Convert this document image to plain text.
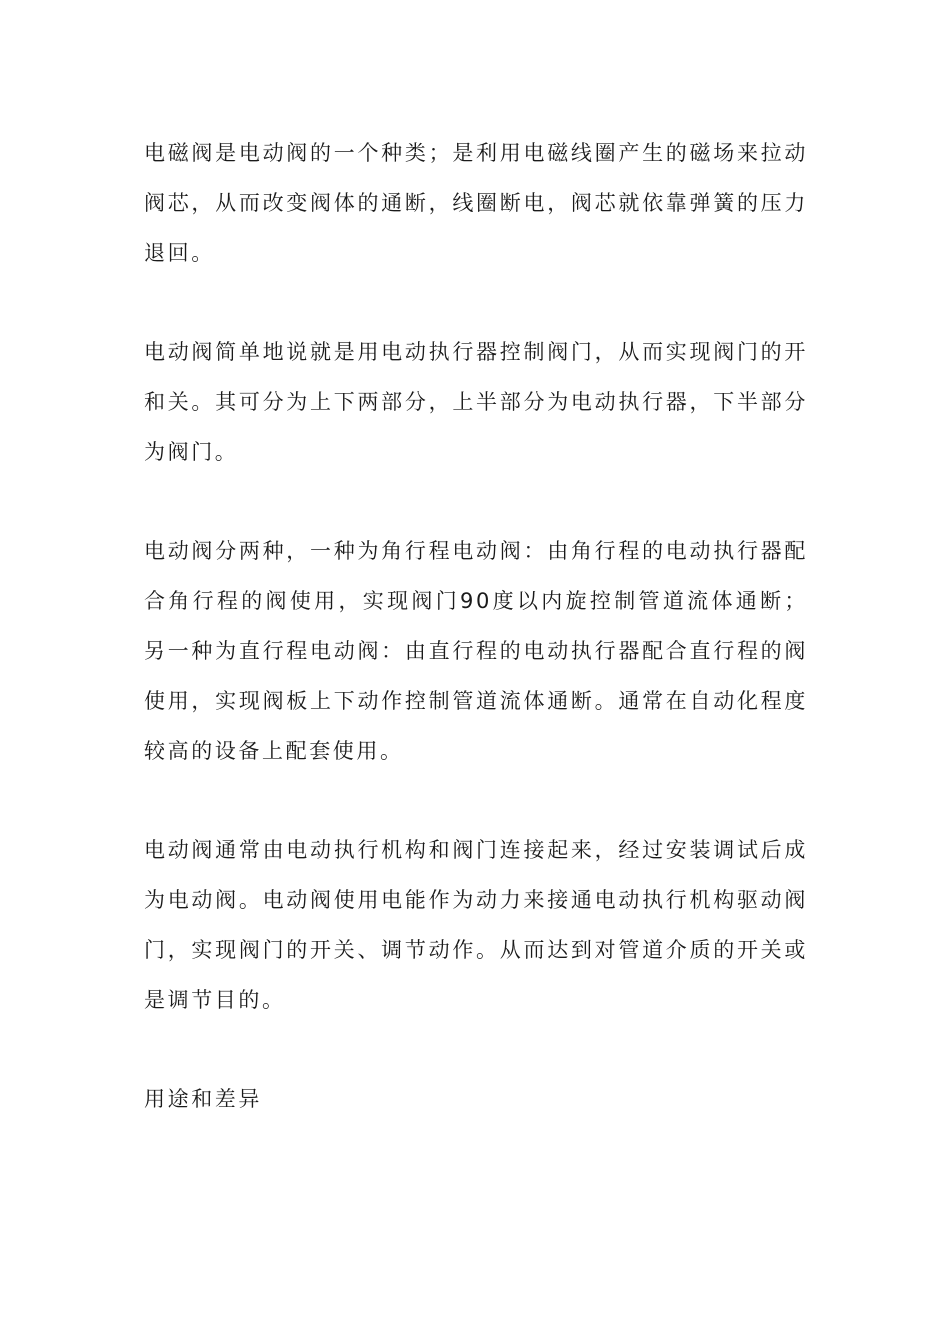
电磁阀是电动阀的一个种类；是利用电磁线圈产生的磁场来拉动阀芯，从而改变阀体的通断，线圈断电，阀芯就依靠弹簧的压力退回。

电动阀简单地说就是用电动执行器控制阀门，从而实现阀门的开和关。其可分为上下两部分，上半部分为电动执行器，下半部分为阀门。

电动阀分两种，一种为角行程电动阀：由角行程的电动执行器配合角行程的阀使用，实现阀门90度以内旋控制管道流体通断；另一种为直行程电动阀：由直行程的电动执行器配合直行程的阀使用，实现阀板上下动作控制管道流体通断。通常在自动化程度较高的设备上配套使用。

电动阀通常由电动执行机构和阀门连接起来，经过安装调试后成为电动阀。电动阀使用电能作为动力来接通电动执行机构驱动阀门，实现阀门的开关、调节动作。从而达到对管道介质的开关或是调节目的。

用途和差异
